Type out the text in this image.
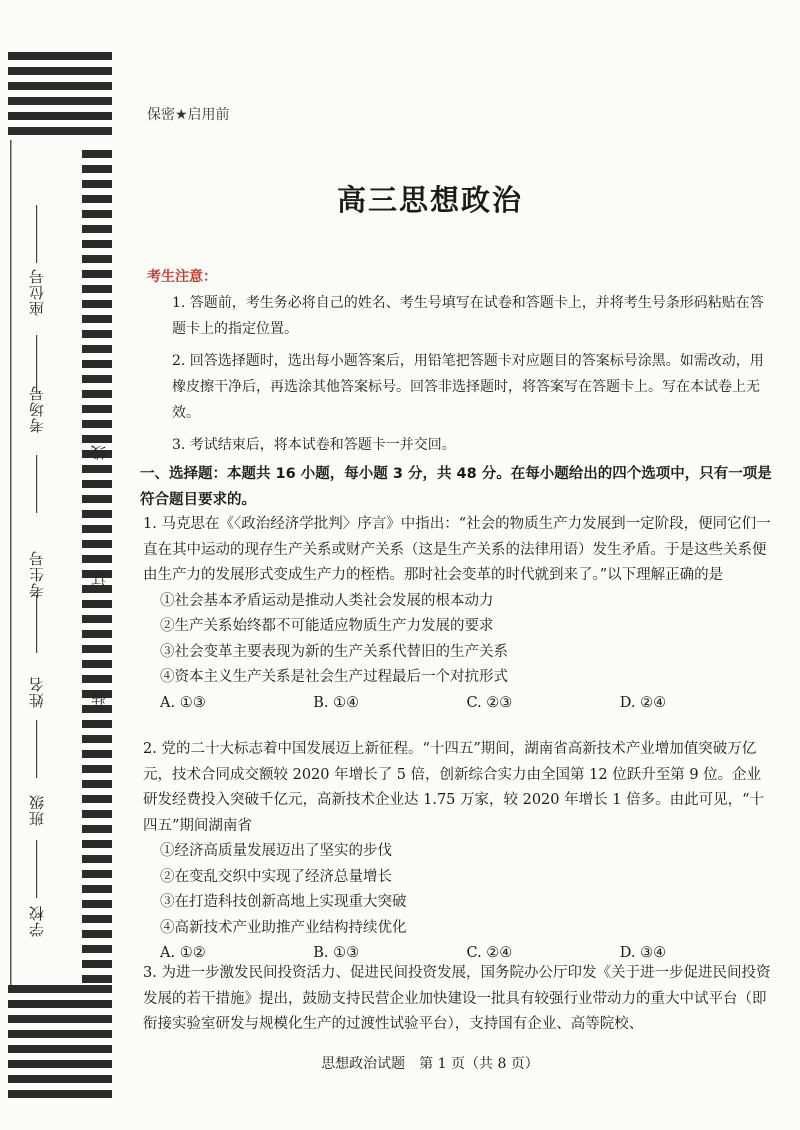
座位号
考场号
考生号
姓名
班级
学校
线
订
装
保密★启用前
高三思想政治
考生注意：
1. 答题前，考生务必将自己的姓名、考生号填写在试卷和答题卡上，并将考生号条形码粘贴在答题卡上的指定位置。
2. 回答选择题时，选出每小题答案后，用铅笔把答题卡对应题目的答案标号涂黑。如需改动，用橡皮擦干净后，再选涂其他答案标号。回答非选择题时，将答案写在答题卡上。写在本试卷上无效。
3. 考试结束后，将本试卷和答题卡一并交回。
一、选择题：本题共 16 小题，每小题 3 分，共 48 分。在每小题给出的四个选项中，只有一项是符合题目要求的。

1. 马克思在《〈政治经济学批判〉序言》中指出：“社会的物质生产力发展到一定阶段，便同它们一直在其中运动的现存生产关系或财产关系（这是生产关系的法律用语）发生矛盾。于是这些关系便由生产力的发展形式变成生产力的桎梏。那时社会变革的时代就到来了。”以下理解正确的是

①社会基本矛盾运动是推动人类社会发展的根本动力

②生产关系始终都不可能适应物质生产力发展的要求

③社会变革主要表现为新的生产关系代替旧的生产关系

④资本主义生产关系是社会生产过程最后一个对抗形式

A. ①③	B. ①④	C. ②③	D. ②④

2. 党的二十大标志着中国发展迈上新征程。“十四五”期间，湖南省高新技术产业增加值突破万亿元，技术合同成交额较 2020 年增长了 5 倍，创新综合实力由全国第 12 位跃升至第 9 位。企业研发经费投入突破千亿元，高新技术企业达 1.75 万家，较 2020 年增长 1 倍多。由此可见，“十四五”期间湖南省

①经济高质量发展迈出了坚实的步伐

②在变乱交织中实现了经济总量增长

③在打造科技创新高地上实现重大突破

④高新技术产业助推产业结构持续优化

A. ①②	B. ①③	C. ②④	D. ③④

3. 为进一步激发民间投资活力、促进民间投资发展，国务院办公厅印发《关于进一步促进民间投资发展的若干措施》提出，鼓励支持民营企业加快建设一批具有较强行业带动力的重大中试平台（即衔接实验室研发与规模化生产的过渡性试验平台），支持国有企业、高等院校、

思想政治试题　第 1 页（共 8 页）
